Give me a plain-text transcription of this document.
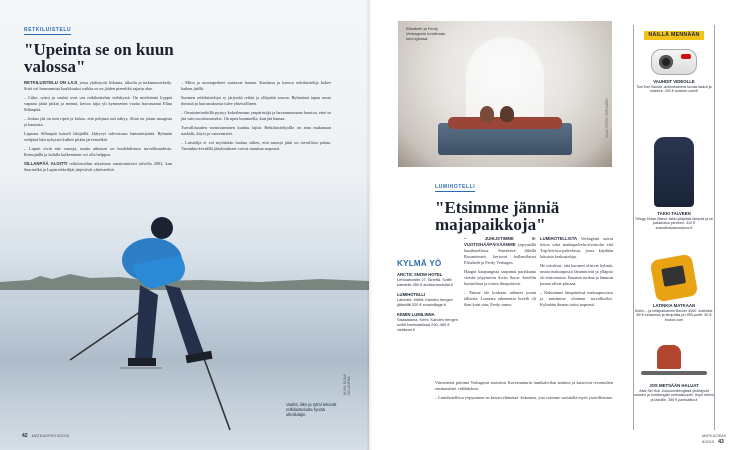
RETKILUISTELU
"Upeinta se on kuun valossa"

RETKILUISTELU ON LAJI, jossa yhdistyvät liikunta, ulkoilu ja tutkimusretkeily. Siitä voi hurmaantua koukkuuksi vaikka se on jäiden pienehkö rajattu alue.

– Liike, rytmi ja vauhti ovat osa retkiluistelun viehätystä. On mieletöntä hyppiä vapaata jäätä pitkin ja mennä, kertoo lajia yli kymmenen vuotta harrastanut Elina Sillanpää.

– Joskus jää on niin ripeä ja kirkas, että pohjaan asti näkyy. Siinä on jotain maagista ja kaunista.

Lapsena Sillanpää luisteli lähijäillä. Jäätyvyt tulevaisuus hämmästyttää. Ryhmän vetäjänä hän nykyisin kulkee pitkin järvenselkiä.

– Lapset eivät näe vaaroja, mutta aikuisen on huolehdittava turvallisuudesta. Keinojäillä ja ladulla kulkeminen voi olla helppoa.

SILLANPÄÄ ALOITTI retkiluistelun aikuisena omatoimisesti talvella 2002, kun Saariselkä ja Lapin retkeilijät järjestivät yhteisretkiä.

– Mitta ja aroniaperheet saattavat haitata. Kaulassa ja kanssa retkiluistelija kokee kaiken jäällä.

Suomen retkiluistelijat ry järjestää retkiä ja ylläpitää seuraa. Ryhmässä tapaa uusia ihmisiä ja harrastuksesta tulee yhteisöllinen.

– Omatoimiretkillä pystyy kokeilemaan ympäristöjä ja havainnoimaan luontoa, ettei se jää vain suorittamiseksi. On upea luonnoella, kun jää kantaa.

Turvallisuuden varmistaminen kuuluu lajiin. Retkiluistelijoilla on aina mukanaan naskalit, köysi ja varavaatteet.

– Luistelija ei voi myöskään luottaa siihen, että samoja jäitä on turvallista palata. Varsinkin keväällä jääolosuhteet voivat muuttua nopeasti.

Vauhti, liike ja rytmi tekevät retkiluistelusta hyvää ulkoilulajin.
KUVA: ELINA SILLANPÄÄ
42 MATKAOPAS 8/2015
Elisabeth ja Ferdy Verhagenin lumilinnan lumi-iglussa.
KUVA: FERDY VERHAGEN
LUMIHOTELLI
"Etsimme jänniä majapaikkoja"
KYLMÄ YÖ
ARCTIC SNOW HOTEL
Lehtoahonitie 27, Sinettä. Sviitti kahdelle 350 € arcticsnowhotel.fi
LUMIHOTELLI
Lainiotie, Kittilä. Kahden hengen jääsviitti 320 € snowvillage.fi
KEMIN LUMILINNA
Sisäsatama, Kemi. Kahden hengen sviitti lumihotellissa 290–360 € visitkemi.fi

– JUHLISTIMME 5-VUOTISHÄÄPÄIVÄÄMME yöpymällä lumihotellissa. Sinerttävä lähellä Rovaniemeä, kertovat hollantilaiset Elisabeth ja Ferdy Verhagen.

Haagin kaupungista saapunut pariskunta viettää yöpymisen Arctic Snow -hotellin lumiselissä ja toisen ilmapiirissä.

– Emme ole koskaan nähneet jotain tällaista. Lumesta rakennettu hotelli oli ihan kuin satu, Ferdy sanoo.

LUMIHOTELLISTA Verhagenit saivat tietoa sekä matkapalvelu-sivustolta että TripAdvisor-palvelusta, jossa käydään lukuisia keskusteluja.

He odottivat, että huoneet olisivat kylmiä, mutta makuupussit lämmittivät ja ylläpito oli erinomaista. Ilmaista ruokaa ja lämmin juoma olivat plussaa.

– Nukuimme lämpimässä makuupussissa ja tunsimme olomme turvalliseksi. Kylmään ilmaan tottui nopeasti.

Viimeisenä päivänä Verhagenit maistivat Korvatunturin lumikahvilan antimia ja katsoivat revontulien ensimmäiset välähdykset.

– Lumihotellissa yöpyminen on kerran elämässä -kokemus, jota voimme suositella myös ystävillemme.

NÄILLÄ MENNÄÄN
VAUHDIT VIDEOLLE
TomTom Bandit -actionkamera kuvaa laskut ja luistelut. 430 € tomtom.com/fi
TAKKI TALVEEN
Trilogy Down Blend -takki ylläpitää lämpöä ja se pakkautuu pieneen. 310 € scandinavianoutdoor.fi
LATINKIA MATKAAN
Kolho – ja retkipaikannin Beurer 4000 -kotelolla. 89 € luottamus ja lämpötila ja USB-portti. 50 € bruton.com
JOS METSÄÄN HALUAT
Altai Ski Hok -liukulumikengissä yhdistyvät suksen ja lumikengän ominaisuudet. Sopii retkiin ja laduille. 350 € partioaitta.fi
MATKAOPAS 8/2015 43
